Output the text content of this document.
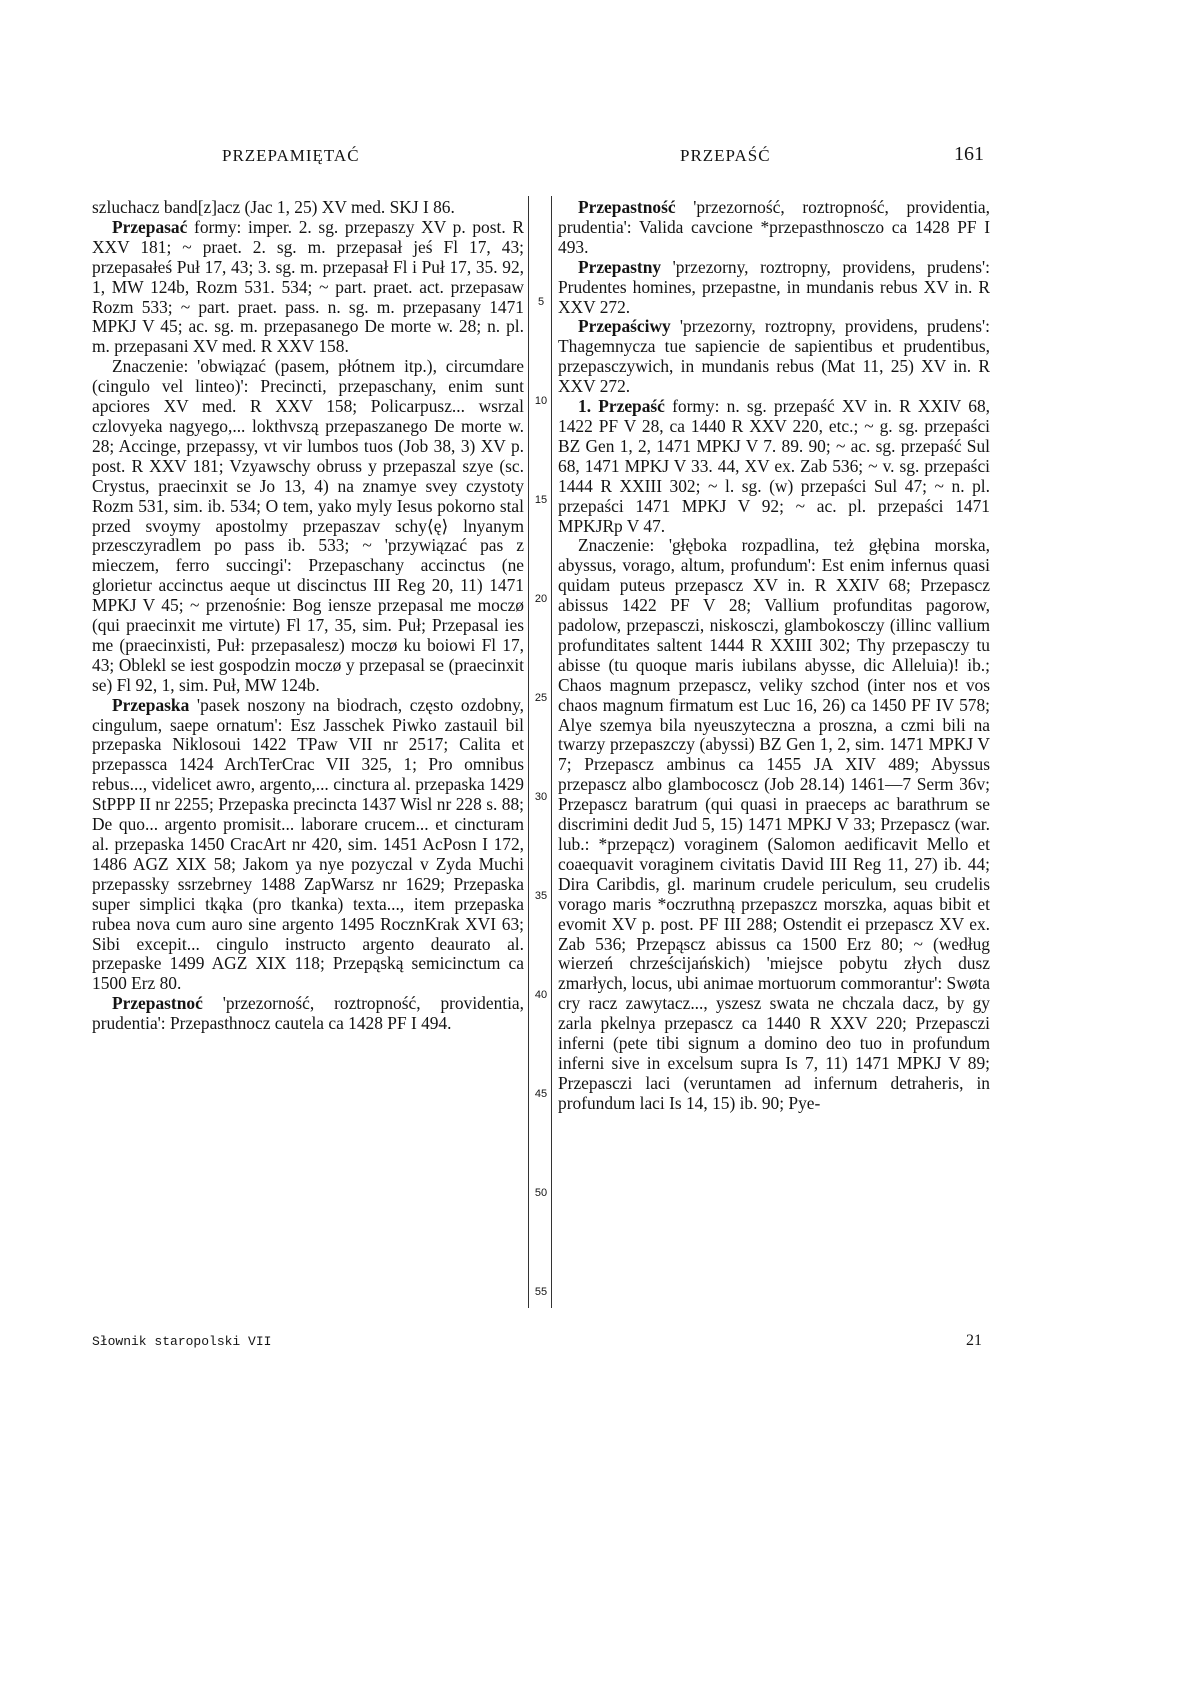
PRZEPAMIĘTAĆ	PRZEPAŚĆ	161

szluchacz band[z]acz (Jac 1, 25) XV med. SKJ I 86.

Przepasać formy: imper. 2. sg. przepaszy XV p. post. R XXV 181; ~ praet. 2. sg. m. przepasał jeś Fl 17, 43; przepasałeś Puł 17, 43; 3. sg. m. przepasał Fl i Puł 17, 35. 92, 1, MW 124b, Rozm 531. 534; ~ part. praet. act. przepasaw Rozm 533; ~ part. praet. pass. n. sg. m. przepasany 1471 MPKJ V 45; ac. sg. m. przepasanego De morte w. 28; n. pl. m. przepasani XV med. R XXV 158.

Znaczenie: 'obwiązać (pasem, płótnem itp.), circumdare (cingulo vel linteo)': Precincti, przepaschany, enim sunt apciores XV med. R XXV 158; Policarpusz... wsrzal czlovyeka nagyego,... lokthvszą przepaszanego De morte w. 28; Accinge, przepassy, vt vir lumbos tuos (Job 38, 3) XV p. post. R XXV 181; Vzyawschy obruss y przepaszal szye (sc. Crystus, praecinxit se Jo 13, 4) na znamye svey czystoty Rozm 531, sim. ib. 534; O tem, yako myly Iesus pokorno stal przed svoymy apostolmy przepaszav schy⟨ę⟩ lnyanym przesczyradlem po pass ib. 533; ~ 'przywiązać pas z mieczem, ferro succingi': Przepaschany accinctus (ne glorietur accinctus aeque ut discinctus III Reg 20, 11) 1471 MPKJ V 45; ~ przenośnie: Bog iensze przepasal me moczø (qui praecinxit me virtute) Fl 17, 35, sim. Puł; Przepasal ies me (praecinxisti, Puł: przepasalesz) moczø ku boiowi Fl 17, 43; Oblekl se iest gospodzin moczø y przepasal se (praecinxit se) Fl 92, 1, sim. Puł, MW 124b.

Przepaska 'pasek noszony na biodrach, często ozdobny, cingulum, saepe ornatum': Esz Jasschek Piwko zastauil bil przepaska Niklosoui 1422 TPaw VII nr 2517; Calita et przepassca 1424 ArchTerCrac VII 325, 1; Pro omnibus rebus..., videlicet awro, argento,... cinctura al. przepaska 1429 StPPP II nr 2255; Przepaska precincta 1437 Wisl nr 228 s. 88; De quo... argento promisit... laborare crucem... et cincturam al. przepaska 1450 CracArt nr 420, sim. 1451 AcPosn I 172, 1486 AGZ XIX 58; Jakom ya nye pozyczal v Zyda Muchi przepassky ssrzebrney 1488 ZapWarsz nr 1629; Przepaska super simplici tkąka (pro tkanka) texta..., item przepaska rubea nova cum auro sine argento 1495 RocznKrak XVI 63; Sibi excepit... cingulo instructo argento deaurato al. przepaske 1499 AGZ XIX 118; Przepąską semicinctum ca 1500 Erz 80.

Przepastnoć 'przezorność, roztropność, providentia, prudentia': Przepasthnocz cautela ca 1428 PF I 494.

5
10
15
20
25
30
35
40
45
50
55

Przepastność 'przezorność, roztropność, providentia, prudentia': Valida cavcione *przepasthnosczo ca 1428 PF I 493.

Przepastny 'przezorny, roztropny, providens, prudens': Prudentes homines, przepastne, in mundanis rebus XV in. R XXV 272.

Przepaściwy 'przezorny, roztropny, providens, prudens': Thagemnycza tue sapiencie de sapientibus et prudentibus, przepasczywich, in mundanis rebus (Mat 11, 25) XV in. R XXV 272.

1. Przepaść formy: n. sg. przepaść XV in. R XXIV 68, 1422 PF V 28, ca 1440 R XXV 220, etc.; ~ g. sg. przepaści BZ Gen 1, 2, 1471 MPKJ V 7. 89. 90; ~ ac. sg. przepaść Sul 68, 1471 MPKJ V 33. 44, XV ex. Zab 536; ~ v. sg. przepaści 1444 R XXIII 302; ~ l. sg. (w) przepaści Sul 47; ~ n. pl. przepaści 1471 MPKJ V 92; ~ ac. pl. przepaści 1471 MPKJRp V 47.

Znaczenie: 'głęboka rozpadlina, też głębina morska, abyssus, vorago, altum, profundum': Est enim infernus quasi quidam puteus przepascz XV in. R XXIV 68; Przepascz abissus 1422 PF V 28; Vallium profunditas pagorow, padolow, przepasczi, niskosczi, glambokosczy (illinc vallium profunditates saltent 1444 R XXIII 302; Thy przepasczy tu abisse (tu quoque maris iubilans abysse, dic Alleluia)! ib.; Chaos magnum przepascz, veliky szchod (inter nos et vos chaos magnum firmatum est Luc 16, 26) ca 1450 PF IV 578; Alye szemya bila nyeuszyteczna a proszna, a czmi bili na twarzy przepaszczy (abyssi) BZ Gen 1, 2, sim. 1471 MPKJ V 7; Przepascz ambinus ca 1455 JA XIV 489; Abyssus przepascz albo glambocoscz (Job 28.14) 1461—7 Serm 36v; Przepascz baratrum (qui quasi in praeceps ac barathrum se discrimini dedit Jud 5, 15) 1471 MPKJ V 33; Przepascz (war. lub.: *przepącz) voraginem (Salomon aedificavit Mello et coaequavit voraginem civitatis David III Reg 11, 27) ib. 44; Dira Caribdis, gl. marinum crudele periculum, seu crudelis vorago maris *oczruthną przepaszcz morszka, aquas bibit et evomit XV p. post. PF III 288; Ostendit ei przepascz XV ex. Zab 536; Przepąscz abissus ca 1500 Erz 80; ~ (według wierzeń chrześcijańskich) 'miejsce pobytu złych dusz zmarłych, locus, ubi animae mortuorum commorantur': Swøta cry racz zawytacz..., yszesz swata ne chczala dacz, by gy zarla pkelnya przepascz ca 1440 R XXV 220; Przepasczi inferni (pete tibi signum a domino deo tuo in profundum inferni sive in excelsum supra Is 7, 11) 1471 MPKJ V 89; Przepasczi laci (veruntamen ad infernum detraheris, in profundum laci Is 14, 15) ib. 90; Pye-

Słownik staropolski VII	21
